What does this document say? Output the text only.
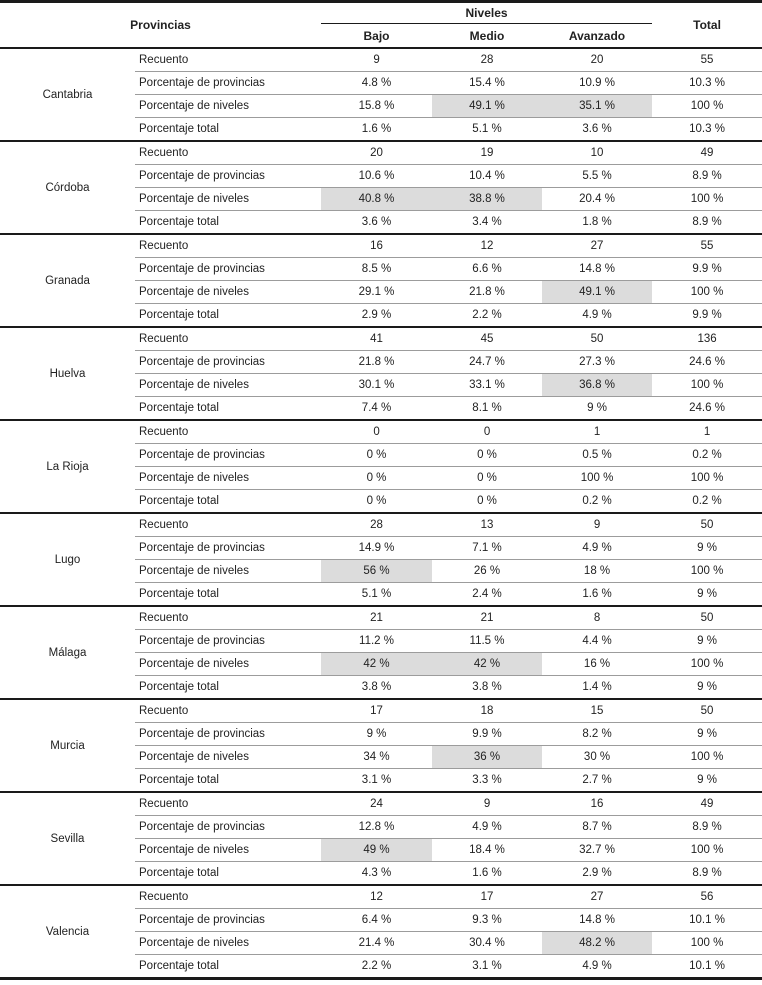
Provincias		Niveles			Total
		Bajo	Medio	Avanzado	
Cantabria	Recuento	9	28	20	55
	Porcentaje de provincias	4.8 %	15.4 %	10.9 %	10.3 %
	Porcentaje de niveles	15.8 %	49.1 %	35.1 %	100 %
	Porcentaje total	1.6 %	5.1 %	3.6 %	10.3 %
Córdoba	Recuento	20	19	10	49
	Porcentaje de provincias	10.6 %	10.4 %	5.5 %	8.9 %
	Porcentaje de niveles	40.8 %	38.8 %	20.4 %	100 %
	Porcentaje total	3.6 %	3.4 %	1.8 %	8.9 %
Granada	Recuento	16	12	27	55
	Porcentaje de provincias	8.5 %	6.6 %	14.8 %	9.9 %
	Porcentaje de niveles	29.1 %	21.8 %	49.1 %	100 %
	Porcentaje total	2.9 %	2.2 %	4.9 %	9.9 %
Huelva	Recuento	41	45	50	136
	Porcentaje de provincias	21.8 %	24.7 %	27.3 %	24.6 %
	Porcentaje de niveles	30.1 %	33.1 %	36.8 %	100 %
	Porcentaje total	7.4 %	8.1 %	9 %	24.6 %
La Rioja	Recuento	0	0	1	1
	Porcentaje de provincias	0 %	0 %	0.5 %	0.2 %
	Porcentaje de niveles	0 %	0 %	100 %	100 %
	Porcentaje total	0 %	0 %	0.2 %	0.2 %
Lugo	Recuento	28	13	9	50
	Porcentaje de provincias	14.9 %	7.1 %	4.9 %	9 %
	Porcentaje de niveles	56 %	26 %	18 %	100 %
	Porcentaje total	5.1 %	2.4 %	1.6 %	9 %
Málaga	Recuento	21	21	8	50
	Porcentaje de provincias	11.2 %	11.5 %	4.4 %	9 %
	Porcentaje de niveles	42 %	42 %	16 %	100 %
	Porcentaje total	3.8 %	3.8 %	1.4 %	9 %
Murcia	Recuento	17	18	15	50
	Porcentaje de provincias	9 %	9.9 %	8.2 %	9 %
	Porcentaje de niveles	34 %	36 %	30 %	100 %
	Porcentaje total	3.1 %	3.3 %	2.7 %	9 %
Sevilla	Recuento	24	9	16	49
	Porcentaje de provincias	12.8 %	4.9 %	8.7 %	8.9 %
	Porcentaje de niveles	49 %	18.4 %	32.7 %	100 %
	Porcentaje total	4.3 %	1.6 %	2.9 %	8.9 %
Valencia	Recuento	12	17	27	56
	Porcentaje de provincias	6.4 %	9.3 %	14.8 %	10.1 %
	Porcentaje de niveles	21.4 %	30.4 %	48.2 %	100 %
	Porcentaje total	2.2 %	3.1 %	4.9 %	10.1 %
